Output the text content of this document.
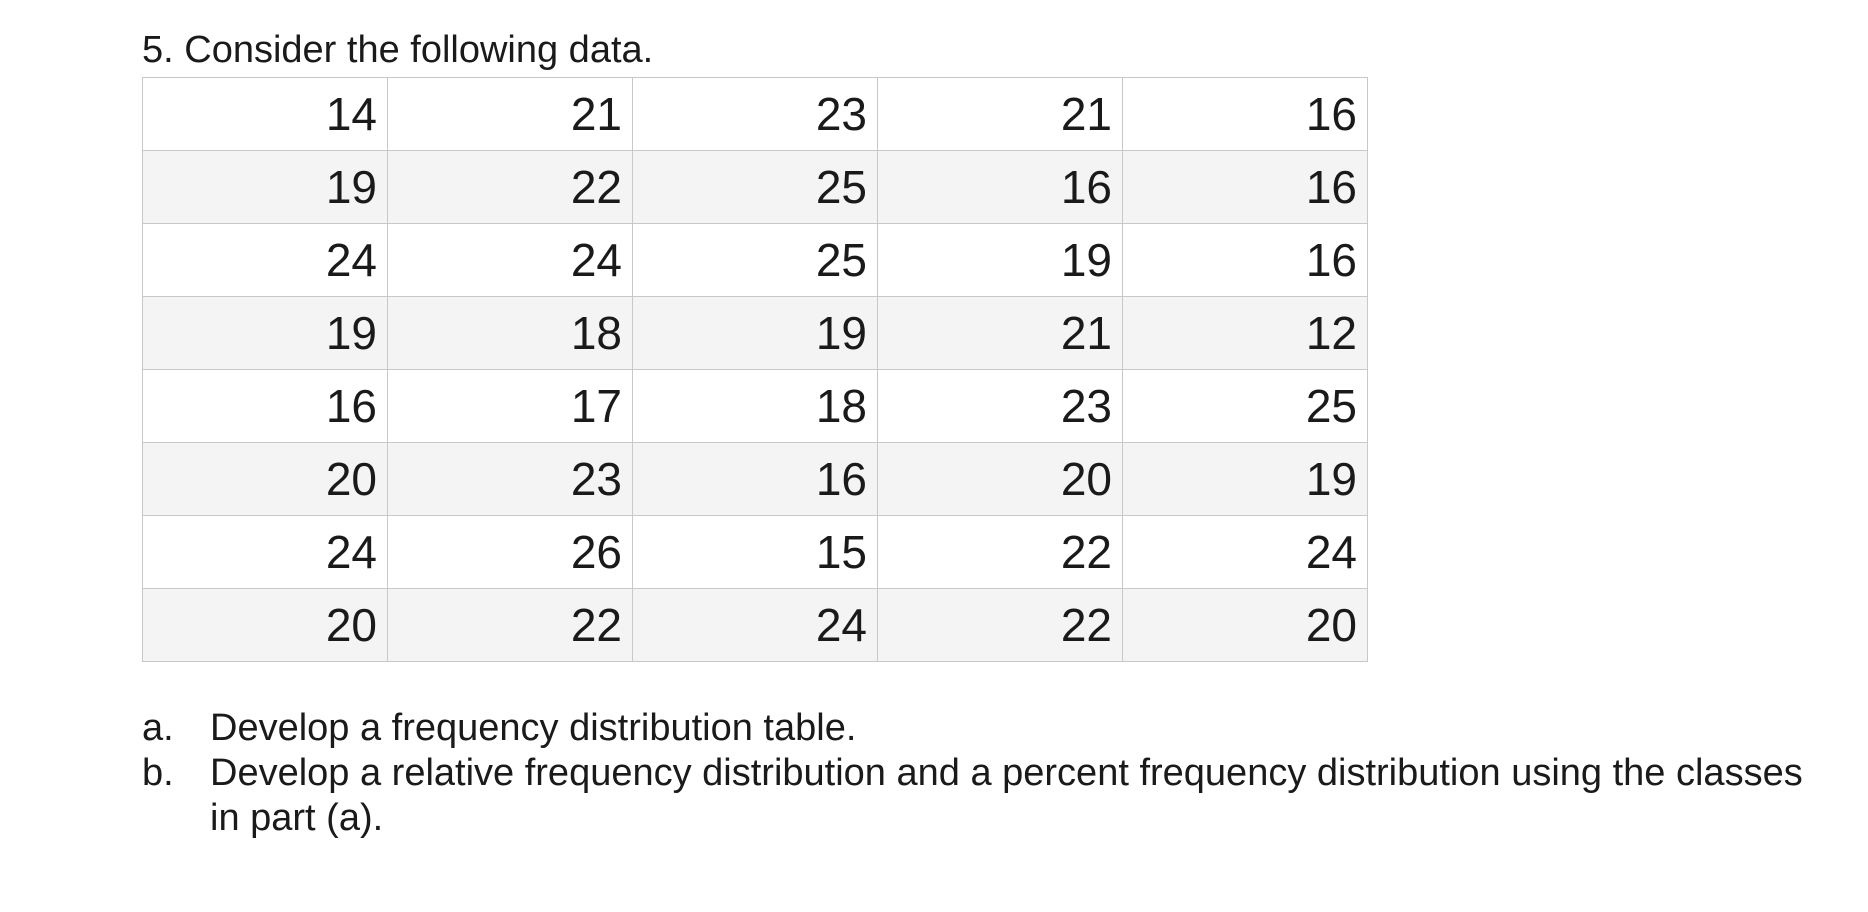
5. Consider the following data.

14	21	23	21	16
19	22	25	16	16
24	24	25	19	16
19	18	19	21	12
16	17	18	23	25
20	23	16	20	19
24	26	15	22	24
20	22	24	22	20
a. Develop a frequency distribution table.
b. Develop a relative frequency distribution and a percent frequency distribution using the classes in part (a).
